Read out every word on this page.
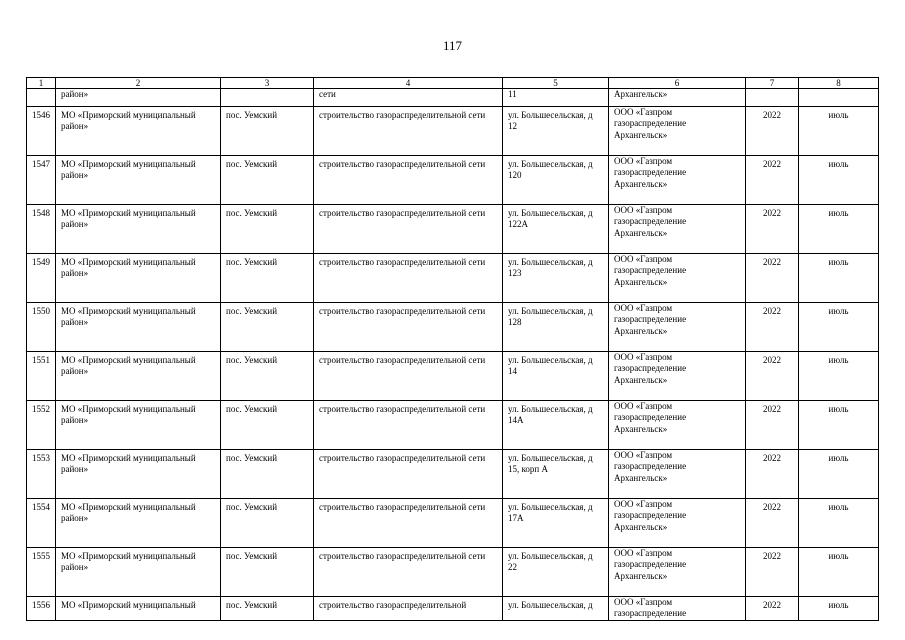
117
1	2	3	4	5	6	7	8
	район»		сети	11	Архангельск»		
1546	МО «Приморский муниципальный район»	пос. Уемский	строительство газораспределительной сети	ул. Большесельская, д 12	ООО «Газпром газораспределение Архангельск»	2022	июль
1547	МО «Приморский муниципальный район»	пос. Уемский	строительство газораспределительной сети	ул. Большесельская, д 120	ООО «Газпром газораспределение Архангельск»	2022	июль
1548	МО «Приморский муниципальный район»	пос. Уемский	строительство газораспределительной сети	ул. Большесельская, д 122А	ООО «Газпром газораспределение Архангельск»	2022	июль
1549	МО «Приморский муниципальный район»	пос. Уемский	строительство газораспределительной сети	ул. Большесельская, д 123	ООО «Газпром газораспределение Архангельск»	2022	июль
1550	МО «Приморский муниципальный район»	пос. Уемский	строительство газораспределительной сети	ул. Большесельская, д 128	ООО «Газпром газораспределение Архангельск»	2022	июль
1551	МО «Приморский муниципальный район»	пос. Уемский	строительство газораспределительной сети	ул. Большесельская, д 14	ООО «Газпром газораспределение Архангельск»	2022	июль
1552	МО «Приморский муниципальный район»	пос. Уемский	строительство газораспределительной сети	ул. Большесельская, д 14А	ООО «Газпром газораспределение Архангельск»	2022	июль
1553	МО «Приморский муниципальный район»	пос. Уемский	строительство газораспределительной сети	ул. Большесельская, д 15, корп А	ООО «Газпром газораспределение Архангельск»	2022	июль
1554	МО «Приморский муниципальный район»	пос. Уемский	строительство газораспределительной сети	ул. Большесельская, д 17А	ООО «Газпром газораспределение Архангельск»	2022	июль
1555	МО «Приморский муниципальный район»	пос. Уемский	строительство газораспределительной сети	ул. Большесельская, д 22	ООО «Газпром газораспределение Архангельск»	2022	июль
1556	МО «Приморский муниципальный	пос. Уемский	строительство газораспределительной	ул. Большесельская, д	ООО «Газпром газораспределение	2022	июль
